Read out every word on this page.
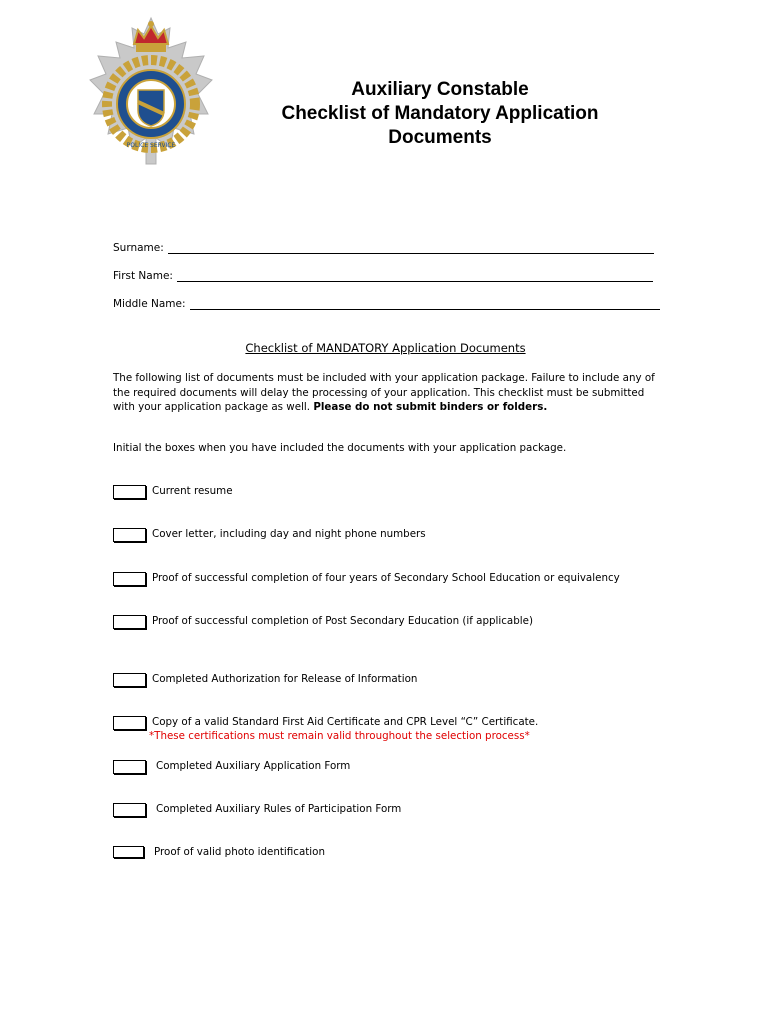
POLICE SERVICE
Auxiliary Constable
Checklist of Mandatory Application
Documents
Surname:
First Name:
Middle Name:
Checklist of MANDATORY Application Documents
The following list of documents must be included with your application package. Failure to include any of the required documents will delay the processing of your application. This checklist must be submitted with your application package as well. Please do not submit binders or folders.
Initial the boxes when you have included the documents with your application package.
Current resume
Cover letter, including day and night phone numbers
Proof of successful completion of four years of Secondary School Education or equivalency
Proof of successful completion of Post Secondary Education (if applicable)
Completed Authorization for Release of Information
Copy of a valid Standard First Aid Certificate and CPR Level “C” Certificate.
*These certifications must remain valid throughout the selection process*
Completed Auxiliary Application Form
Completed Auxiliary Rules of Participation Form
Proof of valid photo identification
